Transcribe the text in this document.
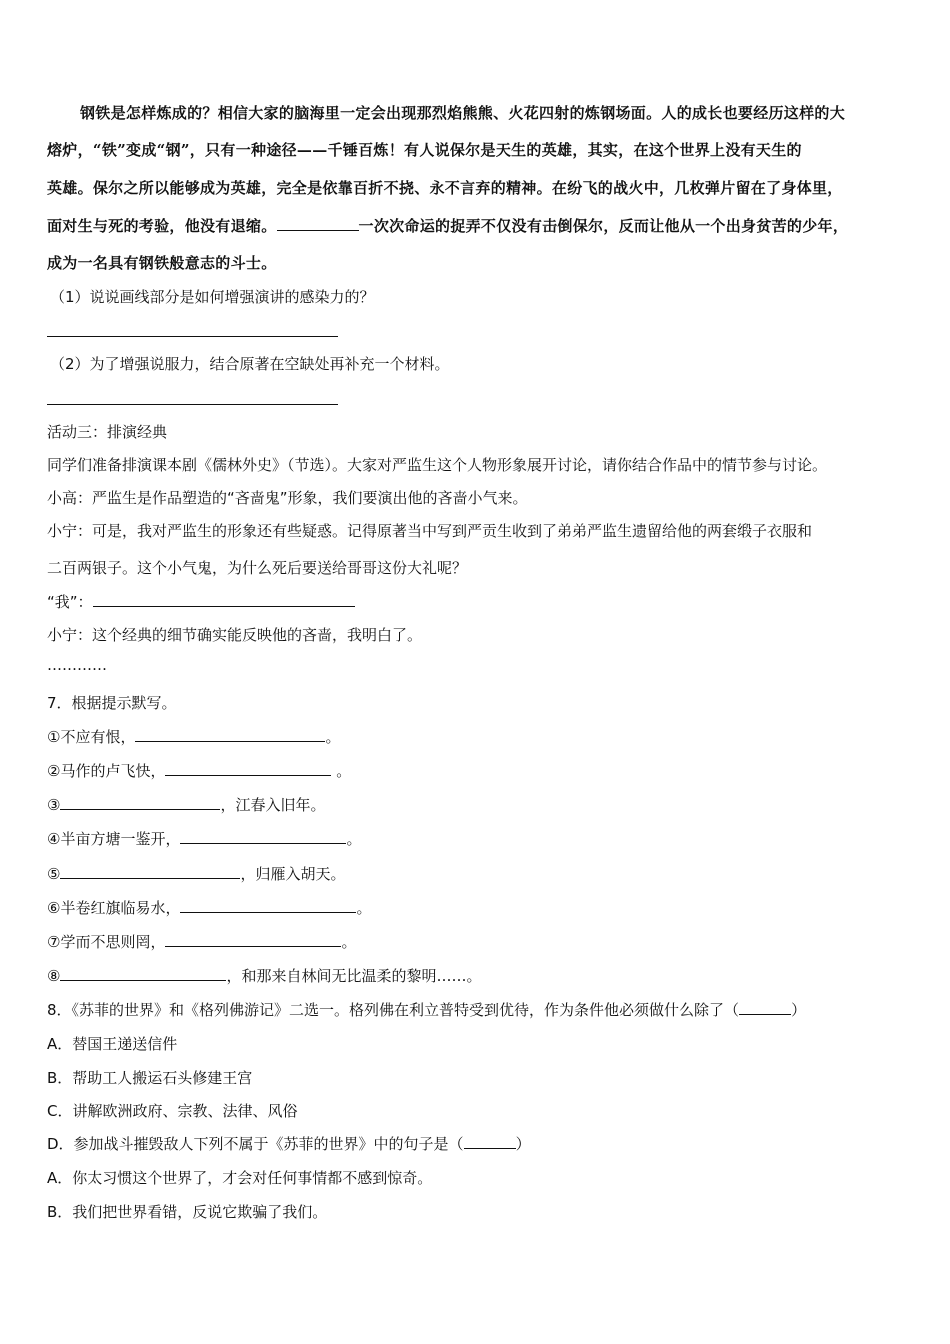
钢铁是怎样炼成的？相信大家的脑海里一定会出现那烈焰熊熊、火花四射的炼钢场面。人的成长也要经历这样的大
熔炉，“铁”变成“钢”，只有一种途径——千锤百炼！有人说保尔是天生的英雄，其实，在这个世界上没有天生的
英雄。保尔之所以能够成为英雄，完全是依靠百折不挠、永不言弃的精神。在纷飞的战火中，几枚弹片留在了身体里，
面对生与死的考验，他没有退缩。	一次次命运的捉弄不仅没有击倒保尔，反而让他从一个出身贫苦的少年，
成为一名具有钢铁般意志的斗士。
（1）说说画线部分是如何增强演讲的感染力的？
（2）为了增强说服力，结合原著在空缺处再补充一个材料。
活动三：排演经典
同学们准备排演课本剧《儒林外史》（节选）。大家对严监生这个人物形象展开讨论，请你结合作品中的情节参与讨论。
小高：严监生是作品塑造的“吝啬鬼”形象，我们要演出他的吝啬小气来。
小宁：可是，我对严监生的形象还有些疑惑。记得原著当中写到严贡生收到了弟弟严监生遗留给他的两套缎子衣服和
二百两银子。这个小气鬼，为什么死后要送给哥哥这份大礼呢？
“我”：
小宁：这个经典的细节确实能反映他的吝啬，我明白了。
…………
7．根据提示默写。
①不应有恨，	。
②马作的卢飞快，	。
③	，江春入旧年。
④半亩方塘一鉴开，	。
⑤	，归雁入胡天。
⑥半卷红旗临易水，	。
⑦学而不思则罔，	。
⑧	，和那来自林间无比温柔的黎明……。
8．《苏菲的世界》和《格列佛游记》二选一。格列佛在利立普特受到优待，作为条件他必须做什么除了（	）
A．替国王递送信件
B．帮助工人搬运石头修建王宫
C．讲解欧洲政府、宗教、法律、风俗
D．参加战斗摧毁敌人下列不属于《苏菲的世界》中的句子是（	）
A．你太习惯这个世界了，才会对任何事情都不感到惊奇。
B．我们把世界看错，反说它欺骗了我们。
